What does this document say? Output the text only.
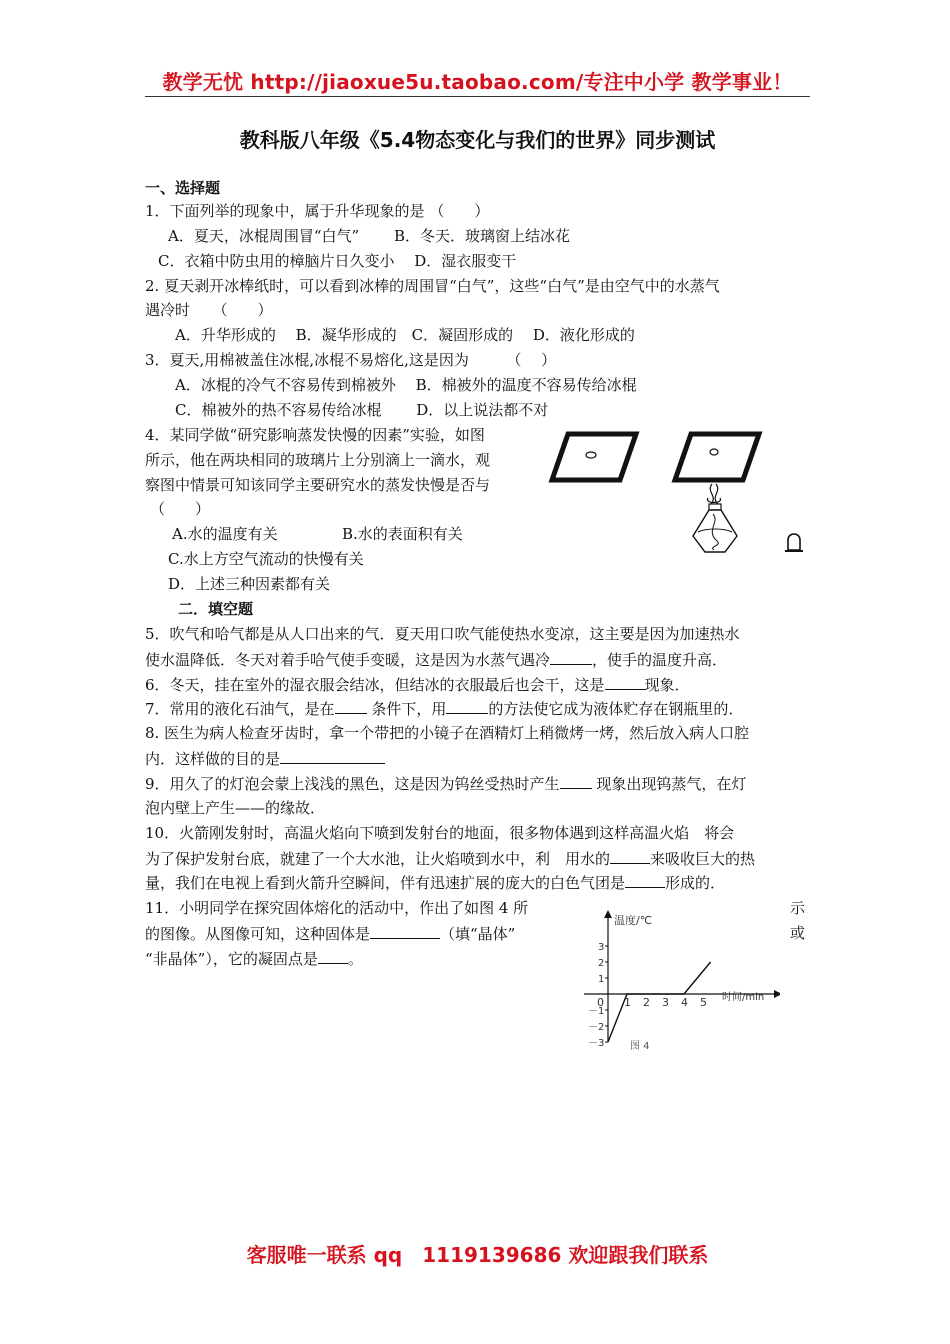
教学无忧 http://jiaoxue5u.taobao.com/专注中小学 教学事业！
教科版八年级《5.4物态变化与我们的世界》同步测试
一、选择题
1．下面列举的现象中，属于升华现象的是 （　　）
A．夏天，冰棍周围冒“白气”　　 B．冬天．玻璃窗上结冰花
C．衣箱中防虫用的樟脑片日久变小　 D．湿衣服变干
2. 夏天剥开冰棒纸时，可以看到冰棒的周围冒“白气”，这些“白气”是由空气中的水蒸气
遇冷时　　（　　）
A．升华形成的　 B．凝华形成的　C．凝固形成的　 D．液化形成的
3．夏天,用棉被盖住冰棍,冰棍不易熔化,这是因为　　　（　 ）
A．冰棍的冷气不容易传到棉被外　 B．棉被外的温度不容易传给冰棍
C．棉被外的热不容易传给冰棍　　 D．以上说法都不对
4．某同学做“研究影响蒸发快慢的因素”实验，如图
所示，他在两块相同的玻璃片上分别滴上一滴水，观
察图中情景可知该同学主要研究水的蒸发快慢是否与
（　　）
A.水的温度有关	B.水的表面积有关
C.水上方空气流动的快慢有关
D．上述三种因素都有关
二．填空题
5．吹气和哈气都是从人口出来的气．夏天用口吹气能使热水变凉，这主要是因为加速热水
使水温降低．冬天对着手哈气使手变暖，这是因为水蒸气遇冷	，使手的温度升高．
6．冬天，挂在室外的湿衣服会结冰，但结冰的衣服最后也会干，这是	现象．
7．常用的液化石油气，是在 条件下，用	的方法使它成为液体贮存在钢瓶里的．
8. 医生为病人检查牙齿时，拿一个带把的小镜子在酒精灯上稍微烤一烤，然后放入病人口腔
内．这样做的目的是
9．用久了的灯泡会蒙上浅浅的黑色，这是因为钨丝受热时产生 现象出现钨蒸气，在灯
泡内壁上产生——的缘故．
10．火箭刚发射时，高温火焰向下喷到发射台的地面，很多物体遇到这样高温火焰　将会
为了保护发射台底，就建了一个大水池，让火焰喷到水中，利　用水的	来吸收巨大的热
量，我们在电视上看到火箭升空瞬间，伴有迅速扩展的庞大的白色气团是	形成的．
11．小明同学在探究固体熔化的活动中，作出了如图 4 所	示
的图像。从图像可知，这种固体是	（填“晶体”	或
“非晶体”），它的凝固点是 。
温度/℃
时间/min
0
图 4
1 2 3 4 5
3
2
1
－1
－2
－3
客服唯一联系 qq　1119139686 欢迎跟我们联系
